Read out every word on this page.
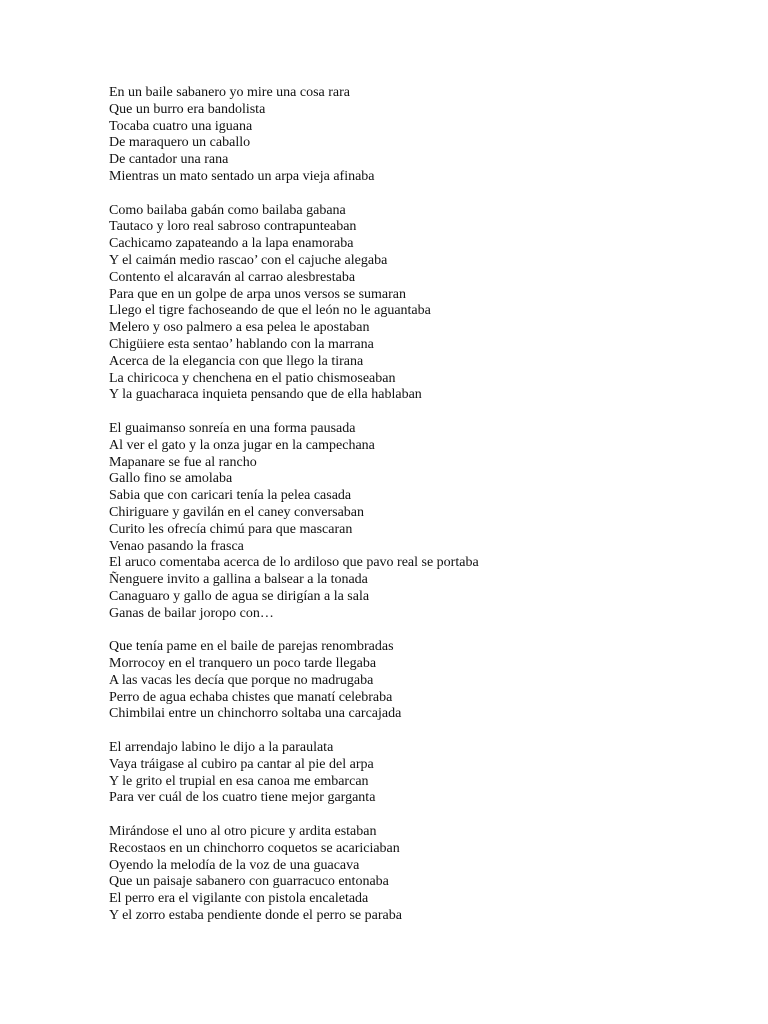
En un baile sabanero yo mire una cosa rara
Que un burro era bandolista
Tocaba cuatro una iguana
De maraquero un caballo
De cantador una rana
Mientras un mato sentado un arpa vieja afinaba
Como bailaba gabán como bailaba gabana
Tautaco y loro real sabroso contrapunteaban
Cachicamo zapateando a la lapa enamoraba
Y el caimán medio rascao’ con el cajuche alegaba
Contento el alcaraván al carrao alesbrestaba
Para que en un golpe de arpa unos versos se sumaran
Llego el tigre fachoseando de que el león no le aguantaba
Melero y oso palmero a esa pelea le apostaban
Chigüiere esta sentao’ hablando con la marrana
Acerca de la elegancia con que llego la tirana
La chiricoca y chenchena en el patio chismoseaban
Y la guacharaca inquieta pensando que de ella hablaban
El guaimanso sonreía en una forma pausada
Al ver el gato y la onza jugar en la campechana
Mapanare se fue al rancho
Gallo fino se amolaba
Sabia que con caricari tenía la pelea casada
Chiriguare y gavilán en el caney conversaban
Curito les ofrecía chimú para que mascaran
Venao pasando la frasca
El aruco comentaba acerca de lo ardiloso que pavo real se portaba
Ñenguere invito a gallina a balsear a la tonada
Canaguaro y gallo de agua se dirigían a la sala
Ganas de bailar joropo con…
Que tenía pame en el baile de parejas renombradas
Morrocoy en el tranquero un poco tarde llegaba
A las vacas les decía que porque no madrugaba
Perro de agua echaba chistes que manatí celebraba
Chimbilai entre un chinchorro soltaba una carcajada
El arrendajo labino le dijo a la paraulata
Vaya tráigase al cubiro pa cantar al pie del arpa
Y le grito el trupial en esa canoa me embarcan
Para ver cuál de los cuatro tiene mejor garganta
Mirándose el uno al otro picure y ardita estaban
Recostaos en un chinchorro coquetos se acariciaban
Oyendo la melodía de la voz de una guacava
Que un paisaje sabanero con guarracuco entonaba
El perro era el vigilante con pistola encaletada
Y el zorro estaba pendiente donde el perro se paraba
